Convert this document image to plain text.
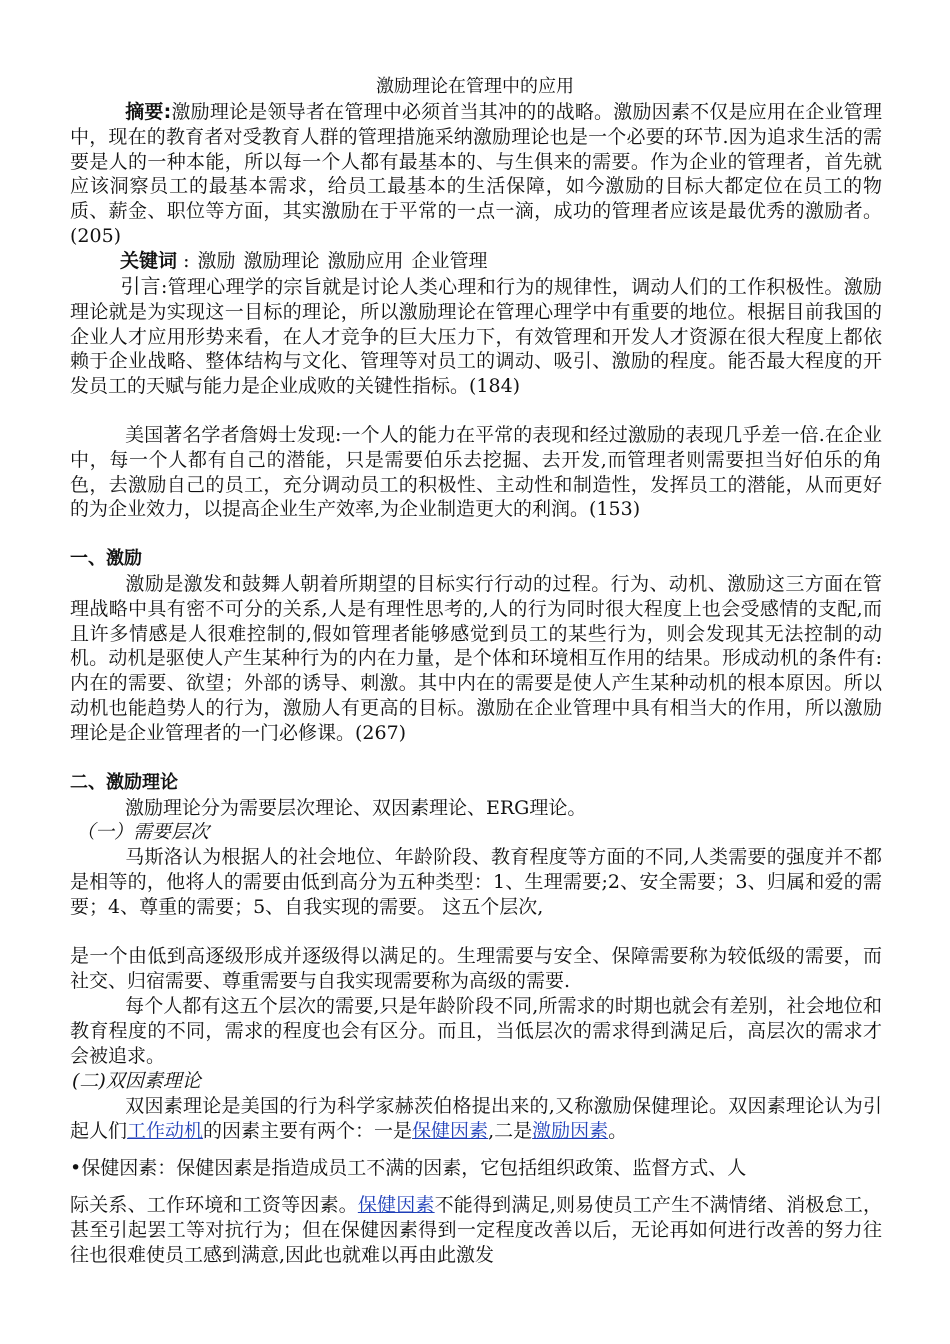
激励理论在管理中的应用
摘要:激励理论是领导者在管理中必须首当其冲的的战略。激励因素不仅是应用在企业管理中，现在的教育者对受教育人群的管理措施采纳激励理论也是一个必要的环节.因为追求生活的需要是人的一种本能，所以每一个人都有最基本的、与生俱来的需要。作为企业的管理者，首先就应该洞察员工的最基本需求，给员工最基本的生活保障，如今激励的目标大都定位在员工的物质、薪金、职位等方面，其实激励在于平常的一点一滴，成功的管理者应该是最优秀的激励者。(205)
关键词 : 激励 激励理论 激励应用 企业管理
引言:管理心理学的宗旨就是讨论人类心理和行为的规律性，调动人们的工作积极性。激励理论就是为实现这一目标的理论，所以激励理论在管理心理学中有重要的地位。根据目前我国的企业人才应用形势来看，在人才竞争的巨大压力下，有效管理和开发人才资源在很大程度上都依赖于企业战略、整体结构与文化、管理等对员工的调动、吸引、激励的程度。能否最大程度的开发员工的天赋与能力是企业成败的关键性指标。(184)
美国著名学者詹姆士发现:一个人的能力在平常的表现和经过激励的表现几乎差一倍.在企业中，每一个人都有自己的潜能，只是需要伯乐去挖掘、去开发,而管理者则需要担当好伯乐的角色，去激励自己的员工，充分调动员工的积极性、主动性和制造性，发挥员工的潜能，从而更好的为企业效力，以提高企业生产效率,为企业制造更大的利润。(153)
一、激励
激励是激发和鼓舞人朝着所期望的目标实行行动的过程。行为、动机、激励这三方面在管理战略中具有密不可分的关系,人是有理性思考的,人的行为同时很大程度上也会受感情的支配,而且许多情感是人很难控制的,假如管理者能够感觉到员工的某些行为，则会发现其无法控制的动机。动机是驱使人产生某种行为的内在力量，是个体和环境相互作用的结果。形成动机的条件有:内在的需要、欲望；外部的诱导、刺激。其中内在的需要是使人产生某种动机的根本原因。所以动机也能趋势人的行为，激励人有更高的目标。激励在企业管理中具有相当大的作用，所以激励理论是企业管理者的一门必修课。(267)
二、激励理论
激励理论分为需要层次理论、双因素理论、ERG理论。
（一）需要层次
马斯洛认为根据人的社会地位、年龄阶段、教育程度等方面的不同,人类需要的强度并不都是相等的，他将人的需要由低到高分为五种类型：1、生理需要;2、安全需要；3、归属和爱的需要；4、尊重的需要；5、自我实现的需要。 这五个层次,
是一个由低到高逐级形成并逐级得以满足的。生理需要与安全、保障需要称为较低级的需要，而社交、归宿需要、尊重需要与自我实现需要称为高级的需要.
每个人都有这五个层次的需要,只是年龄阶段不同,所需求的时期也就会有差别，社会地位和教育程度的不同，需求的程度也会有区分。而且，当低层次的需求得到满足后，高层次的需求才会被追求。
(二)双因素理论
双因素理论是美国的行为科学家赫茨伯格提出来的,又称激励保健理论。双因素理论认为引起人们工作动机的因素主要有两个：一是保健因素,二是激励因素。
•保健因素：保健因素是指造成员工不满的因素，它包括组织政策、监督方式、人
际关系、工作环境和工资等因素。保健因素不能得到满足,则易使员工产生不满情绪、消极怠工，甚至引起罢工等对抗行为；但在保健因素得到一定程度改善以后，无论再如何进行改善的努力往往也很难使员工感到满意,因此也就难以再由此激发
